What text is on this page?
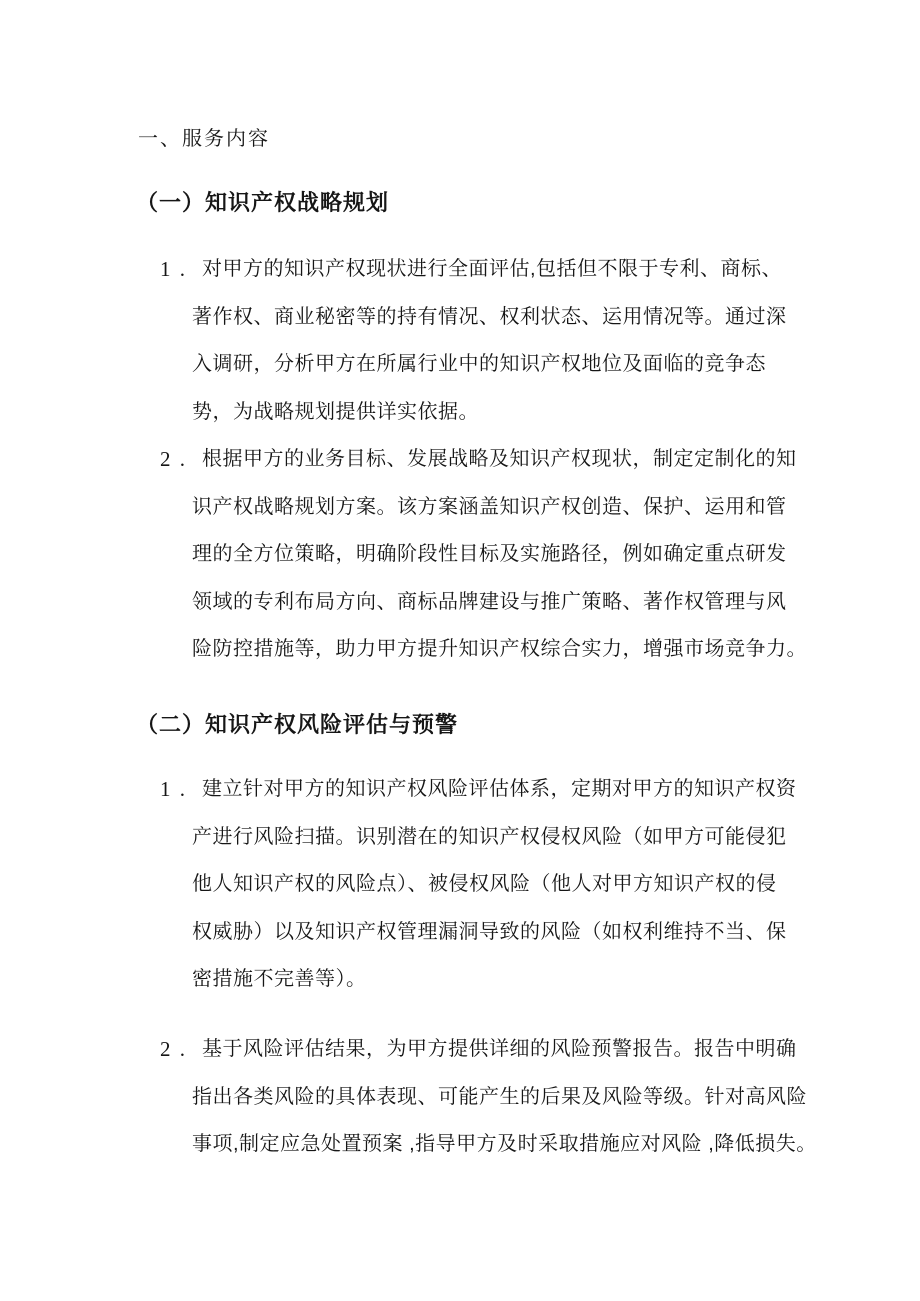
一、服务内容
（一）知识产权战略规划
1 . 对甲方的知识产权现状进行全面评估,包括但不限于专利、商标、
著作权、商业秘密等的持有情况、权利状态、运用情况等。通过深
入调研，分析甲方在所属行业中的知识产权地位及面临的竞争态
势，为战略规划提供详实依据。
2 . 根据甲方的业务目标、发展战略及知识产权现状，制定定制化的知
识产权战略规划方案。该方案涵盖知识产权创造、保护、运用和管
理的全方位策略，明确阶段性目标及实施路径，例如确定重点研发
领域的专利布局方向、商标品牌建设与推广策略、著作权管理与风
险防控措施等，助力甲方提升知识产权综合实力，增强市场竞争力。
（二）知识产权风险评估与预警
1 . 建立针对甲方的知识产权风险评估体系，定期对甲方的知识产权资
产进行风险扫描。识别潜在的知识产权侵权风险（如甲方可能侵犯
他人知识产权的风险点）、被侵权风险（他人对甲方知识产权的侵
权威胁）以及知识产权管理漏洞导致的风险（如权利维持不当、保
密措施不完善等）。
2 . 基于风险评估结果，为甲方提供详细的风险预警报告。报告中明确
指出各类风险的具体表现、可能产生的后果及风险等级。针对高风险
事项,制定应急处置预案 ,指导甲方及时采取措施应对风险 ,降低损失。
